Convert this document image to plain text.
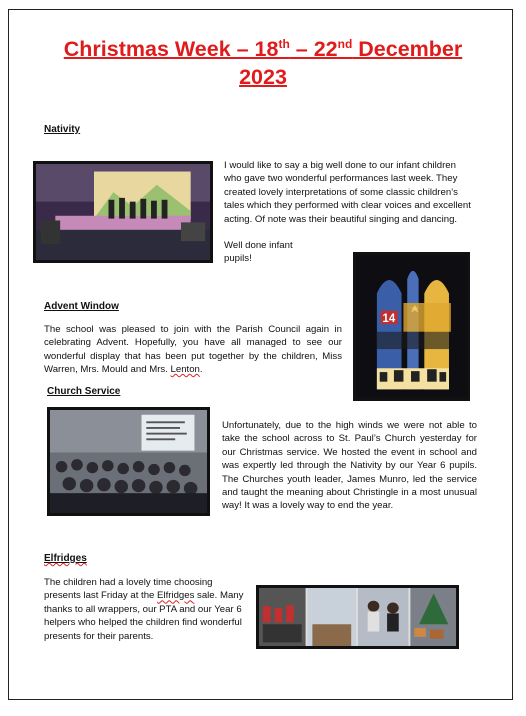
Christmas Week – 18th – 22nd December
2023
Nativity

I would like to say a big well done to our infant children who gave two wonderful performances last week. They created lovely interpretations of some classic children’s tales which they performed with clear voices and excellent acting. Of note was their beautiful singing and dancing.

Well done infant
pupils!

14
Advent Window

The school was pleased to join with the Parish Council again in celebrating Advent. Hopefully, you have all managed to see our wonderful display that has been put together by the children, Miss Warren, Mrs. Mould and Mrs. Lenton.

Church Service

Unfortunately, due to the high winds we were not able to take the school across to St. Paul’s Church yesterday for our Christmas service. We hosted the event in school and was expertly led through the Nativity by our Year 6 pupils. The Churches youth leader, James Munro, led the service and taught the meaning about Christingle in a most unusual way! It was a lovely way to end the year.

Elfridges

The children had a lovely time choosing presents last Friday at the Elfridges sale. Many thanks to all wrappers, our PTA and our Year 6 helpers who helped the children find wonderful presents for their parents.
